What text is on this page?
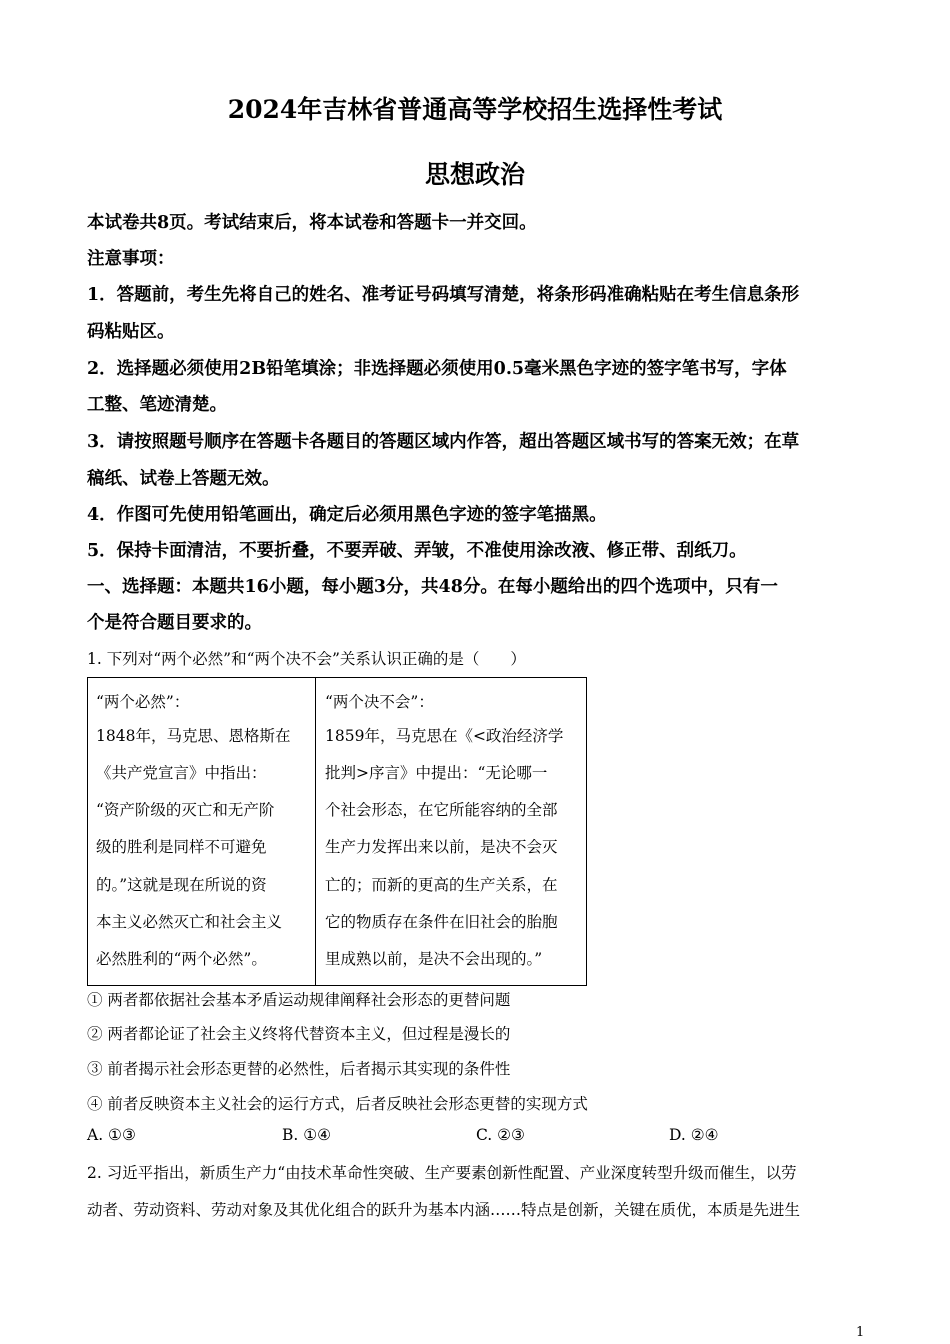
2024年吉林省普通高等学校招生选择性考试
思想政治
本试卷共8页。考试结束后，将本试卷和答题卡一并交回。
注意事项：
1．答题前，考生先将自己的姓名、准考证号码填写清楚，将条形码准确粘贴在考生信息条形
码粘贴区。
2．选择题必须使用2B铅笔填涂；非选择题必须使用0.5毫米黑色字迹的签字笔书写，字体
工整、笔迹清楚。
3．请按照题号顺序在答题卡各题目的答题区域内作答，超出答题区域书写的答案无效；在草
稿纸、试卷上答题无效。
4．作图可先使用铅笔画出，确定后必须用黑色字迹的签字笔描黑。
5．保持卡面清洁，不要折叠，不要弄破、弄皱，不准使用涂改液、修正带、刮纸刀。
一、选择题：本题共16小题，每小题3分，共48分。在每小题给出的四个选项中，只有一
个是符合题目要求的。
1. 下列对“两个必然”和“两个决不会”关系认识正确的是（　　）
“两个必然”：
1848年，马克思、恩格斯在
《共产党宣言》中指出：
“资产阶级的灭亡和无产阶
级的胜利是同样不可避免
的。”这就是现在所说的资
本主义必然灭亡和社会主义
必然胜利的“两个必然”。
“两个决不会”：
1859年，马克思在《<政治经济学
批判>序言》中提出：“无论哪一
个社会形态，在它所能容纳的全部
生产力发挥出来以前，是决不会灭
亡的；而新的更高的生产关系，在
它的物质存在条件在旧社会的胎胞
里成熟以前，是决不会出现的。”
① 两者都依据社会基本矛盾运动规律阐释社会形态的更替问题
② 两者都论证了社会主义终将代替资本主义，但过程是漫长的
③ 前者揭示社会形态更替的必然性，后者揭示其实现的条件性
④ 前者反映资本主义社会的运行方式，后者反映社会形态更替的实现方式
A. ①③	B. ①④	C. ②③	D. ②④
2. 习近平指出，新质生产力“由技术革命性突破、生产要素创新性配置、产业深度转型升级而催生，以劳
动者、劳动资料、劳动对象及其优化组合的跃升为基本内涵……特点是创新，关键在质优，本质是先进生
1
